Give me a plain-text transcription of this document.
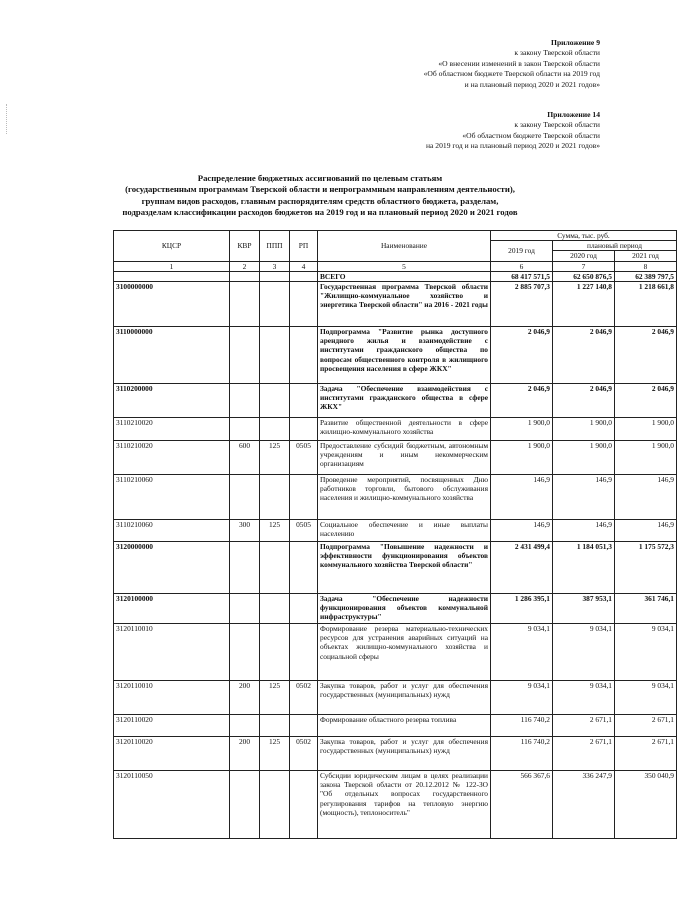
Приложение 9
к закону Тверской области
«О внесении изменений в закон Тверской области
«Об областном бюджете Тверской области на 2019 год
и на плановый период 2020 и 2021 годов»
Приложение 14
к закону Тверской области
«Об областном бюджете Тверской области
на 2019 год и на плановый период 2020 и 2021 годов»
Распределение бюджетных ассигнований по целевым статьям
(государственным программам Тверской области и непрограммным направлениям деятельности),
группам видов расходов, главным распорядителям средств областного бюджета, разделам,
подразделам классификации расходов бюджетов на 2019 год и на плановый период 2020 и 2021 годов
КЦСР	КВР	ППП	РП	Наименование	Сумма, тыс. руб.		
					2019 год	плановый период	
						2020 год	2021 год
1	2	3	4	5	6	7	8
				ВСЕГО	68 417 571,5	62 650 876,5	62 389 797,5
3100000000				Государственная программа Тверской области "Жилищно-коммунальное хозяйство и энергетика Тверской области" на 2016 - 2021 годы	2 885 707,3	1 227 140,8	1 218 661,8
3110000000				Подпрограмма "Развитие рынка доступного арендного жилья и взаимодействие с институтами гражданского общества по вопросам общественного контроля в жилищного просвещения населения в сфере ЖКХ"	2 046,9	2 046,9	2 046,9
3110200000				Задача "Обеспечение взаимодействия с институтами гражданского общества в сфере ЖКХ"	2 046,9	2 046,9	2 046,9
3110210020				Развитие общественной деятельности в сфере жилищно-коммунального хозяйства	1 900,0	1 900,0	1 900,0
3110210020	600	125	0505	Предоставление субсидий бюджетным, автономным учреждениям и иным некоммерческим организациям	1 900,0	1 900,0	1 900,0
3110210060				Проведение мероприятий, посвященных Дню работников торговли, бытового обслуживания населения и жилищно-коммунального хозяйства	146,9	146,9	146,9
3110210060	300	125	0505	Социальное обеспечение и иные выплаты населению	146,9	146,9	146,9
3120000000				Подпрограмма "Повышение надежности и эффективности функционирования объектов коммунального хозяйства Тверской области"	2 431 499,4	1 184 051,3	1 175 572,3
3120100000				Задача "Обеспечение надежности функционирования объектов коммунальной инфраструктуры"	1 286 395,1	387 953,1	361 746,1
3120110010				Формирование резерва материально-технических ресурсов для устранения аварийных ситуаций на объектах жилищно-коммунального хозяйства и социальной сферы	9 034,1	9 034,1	9 034,1
3120110010	200	125	0502	Закупка товаров, работ и услуг для обеспечения государственных (муниципальных) нужд	9 034,1	9 034,1	9 034,1
3120110020				Формирование областного резерва топлива	116 740,2	2 671,1	2 671,1
3120110020	200	125	0502	Закупка товаров, работ и услуг для обеспечения государственных (муниципальных) нужд	116 740,2	2 671,1	2 671,1
3120110050				Субсидии юридическим лицам в целях реализации закона Тверской области от 20.12.2012 № 122-ЗО "Об отдельных вопросах государственного регулирования тарифов на тепловую энергию (мощность), теплоноситель"	566 367,6	336 247,9	350 040,9
